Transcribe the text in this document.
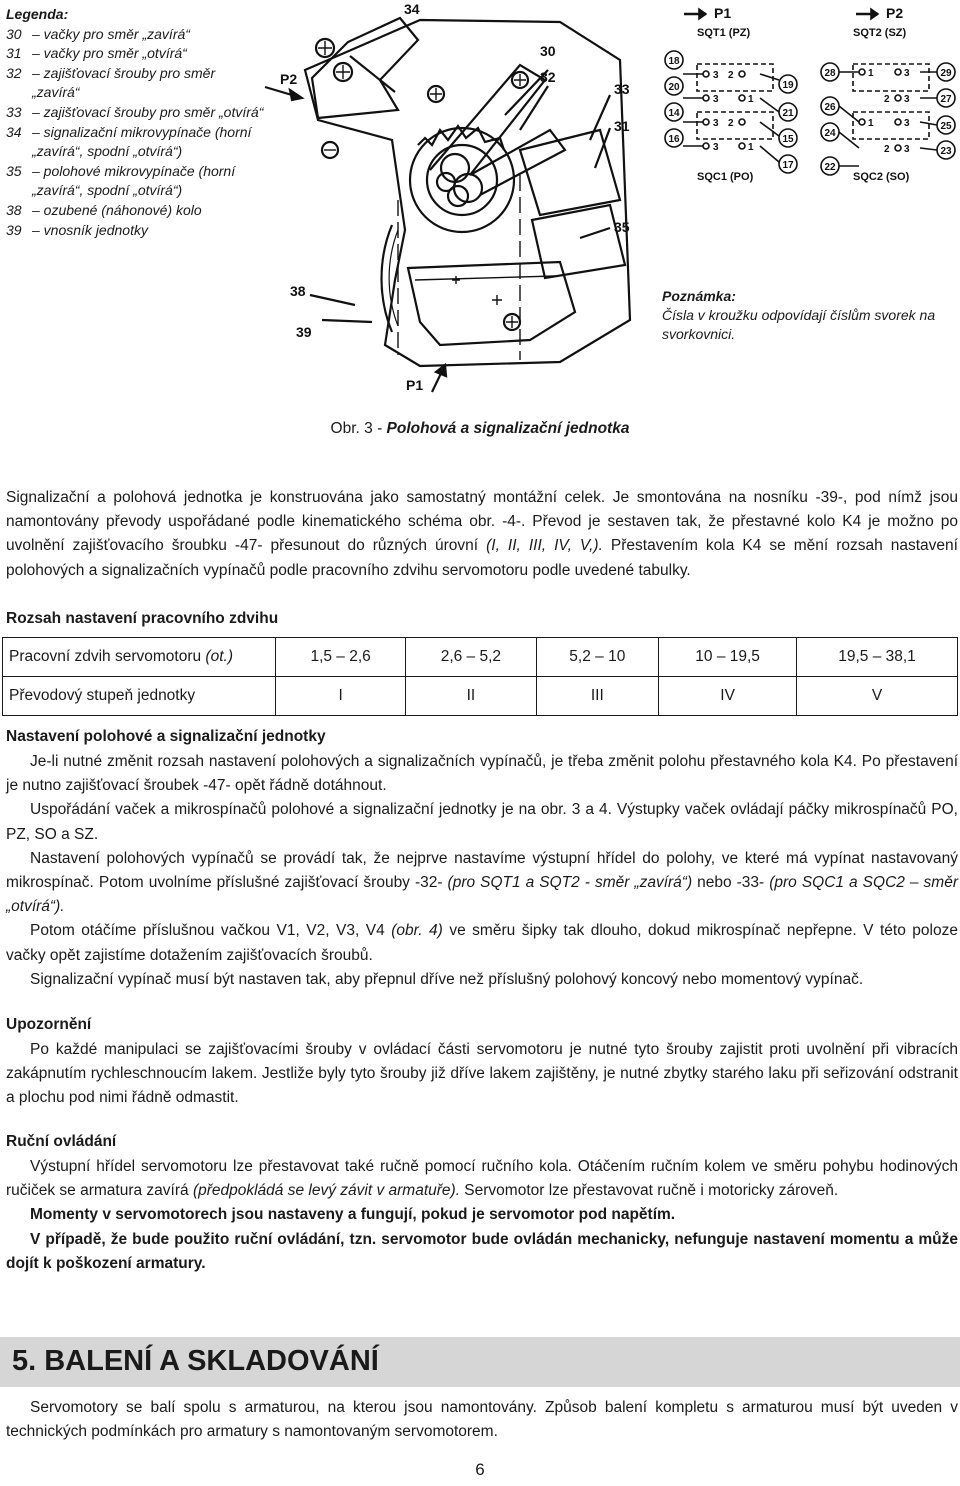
Legenda:
30 – vačky pro směr „zavírá“
31 – vačky pro směr „otvírá“
32 – zajišťovací šrouby pro směr „zavírá“
33 – zajišťovací šrouby pro směr „otvírá“
34 – signalizační mikrovypínače (horní „zavírá“, spodní „otvírá“)
35 – polohové mikrovypínače (horní „zavírá“, spodní „otvírá“)
38 – ozubené (náhonové) kolo
39 – vnosník jednotky
34
P2
30
32
33
31
35
38
39
P1
P1	P2
SQT1 (PZ)	SQT2 (SZ)
SQC1 (PO)	SQC2 (SO)
18
20
14
16
19
21
15
17
28
26
24
22
29
27
25
23
3 2
3	1
3 2
3	1
1	3
2 3
1	3
2 3
Poznámka:
Čísla v kroužku odpovídají číslům svorek na svorkovnici.
Obr. 3 - Polohová a signalizační jednotka

Signalizační a polohová jednotka je konstruována jako samostatný montážní celek. Je smontována na nosníku -39-, pod nímž jsou namontovány převody uspořádané podle kinematického schéma obr. -4-. Převod je sestaven tak, že přestavné kolo K4 je možno po uvolnění zajišťovacího šroubku -47- přesunout do různých úrovní (I, II, III, IV, V,). Přestavením kola K4 se mění rozsah nastavení polohových a signalizačních vypínačů podle pracovního zdvihu servomotoru podle uvedené tabulky.

Rozsah nastavení pracovního zdvihu
Pracovní zdvih servomotoru (ot.)	1,5 – 2,6	2,6 – 5,2	5,2 – 10	10 – 19,5	19,5 – 38,1
Převodový stupeň jednotky	I	II	III	IV	V
Nastavení polohové a signalizační jednotky

Je-li nutné změnit rozsah nastavení polohových a signalizačních vypínačů, je třeba změnit polohu přestavného kola K4. Po přestavení je nutno zajišťovací šroubek -47- opět řádně dotáhnout.

Uspořádání vaček a mikrospínačů polohové a signalizační jednotky je na obr. 3 a 4. Výstupky vaček ovládají páčky mikrospínačů PO, PZ, SO a SZ.

Nastavení polohových vypínačů se provádí tak, že nejprve nastavíme výstupní hřídel do polohy, ve které má vypínat nastavovaný mikrospínač. Potom uvolníme příslušné zajišťovací šrouby -32- (pro SQT1 a SQT2 - směr „zavírá“) nebo -33- (pro SQC1 a SQC2 – směr „otvírá“).

Potom otáčíme příslušnou vačkou V1, V2, V3, V4 (obr. 4) ve směru šipky tak dlouho, dokud mikrospínač nepřepne. V této poloze vačky opět zajistíme dotažením zajišťovacích šroubů.

Signalizační vypínač musí být nastaven tak, aby přepnul dříve než příslušný polohový koncový nebo momentový vypínač.

Upozornění

Po každé manipulaci se zajišťovacími šrouby v ovládací části servomotoru je nutné tyto šrouby zajistit proti uvolnění při vibracích zakápnutím rychleschnoucím lakem. Jestliže byly tyto šrouby již dříve lakem zajištěny, je nutné zbytky starého laku při seřizování odstranit a plochu pod nimi řádně odmastit.

Ruční ovládání

Výstupní hřídel servomotoru lze přestavovat také ručně pomocí ručního kola. Otáčením ručním kolem ve směru pohybu hodinových ručiček se armatura zavírá (předpokládá se levý závit v armatuře). Servomotor lze přestavovat ručně i motoricky zároveň.

Momenty v servomotorech jsou nastaveny a fungují, pokud je servomotor pod napětím.

V případě, že bude použito ruční ovládání, tzn. servomotor bude ovládán mechanicky, nefunguje nastavení momentu a může dojít k poškození armatury.

5. BALENÍ A SKLADOVÁNÍ

Servomotory se balí spolu s armaturou, na kterou jsou namontovány. Způsob balení kompletu s armaturou musí být uveden v technických podmínkách pro armatury s namontovaným servomotorem.

6
